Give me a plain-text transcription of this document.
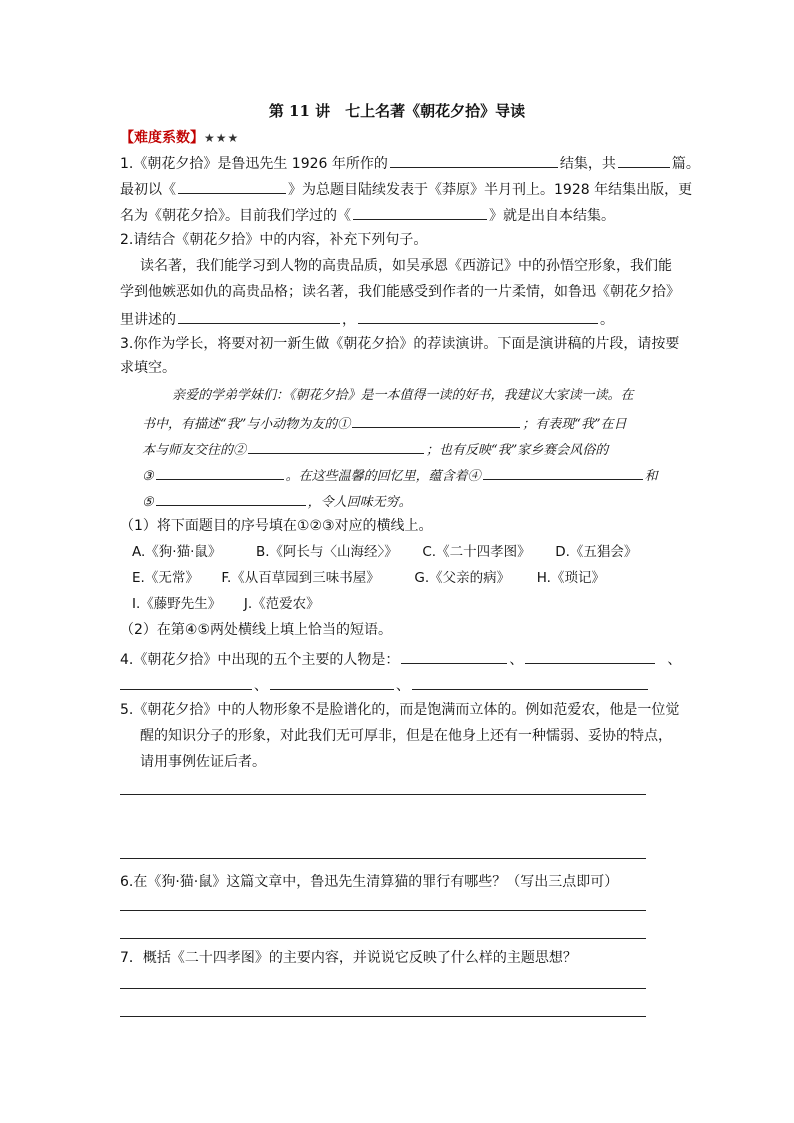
第 11 讲　七上名著《朝花夕拾》导读
【难度系数】★★★
1.《朝花夕拾》是鲁迅先生 1926 年所作的	结集，共	篇。
最初以《	》为总题目陆续发表于《莽原》半月刊上。1928 年结集出版，更
名为《朝花夕拾》。目前我们学过的《	》就是出自本结集。
2.请结合《朝花夕拾》中的内容，补充下列句子。
读名著，我们能学习到人物的高贵品质，如吴承恩《西游记》中的孙悟空形象，我们能
学到他嫉恶如仇的高贵品格；读名著，我们能感受到作者的一片柔情，如鲁迅《朝花夕拾》
里讲述的	，	。
3.你作为学长，将要对初一新生做《朝花夕拾》的荐读演讲。下面是演讲稿的片段，请按要
求填空。
亲爱的学弟学妹们：《朝花夕拾》是一本值得一读的好书，我建议大家读一读。在
书中，有描述“我”与小动物为友的①	；有表现“我”在日
本与师友交往的②	；也有反映“我”家乡赛会风俗的
③	。在这些温馨的回忆里，蕴含着④	和
⑤	，令人回味无穷。
（1）将下面题目的序号填在①②③对应的横线上。
A.《狗·猫·鼠》	B.《阿长与〈山海经〉》 C.《二十四孝图》 D.《五猖会》
E.《无常》 F.《从百草园到三味书屋》	G.《父亲的病》 H.《琐记》
I.《藤野先生》 J.《范爱农》
（2）在第④⑤两处横线上填上恰当的短语。
4.《朝花夕拾》中出现的五个主要的人物是：	、	、
、	、
5.《朝花夕拾》中的人物形象不是脸谱化的，而是饱满而立体的。例如范爱农，他是一位觉
醒的知识分子的形象，对此我们无可厚非，但是在他身上还有一种懦弱、妥协的特点，
请用事例佐证后者。
6.在《狗·猫·鼠》这篇文章中，鲁迅先生清算猫的罪行有哪些？（写出三点即可）
7．概括《二十四孝图》的主要内容，并说说它反映了什么样的主题思想？
